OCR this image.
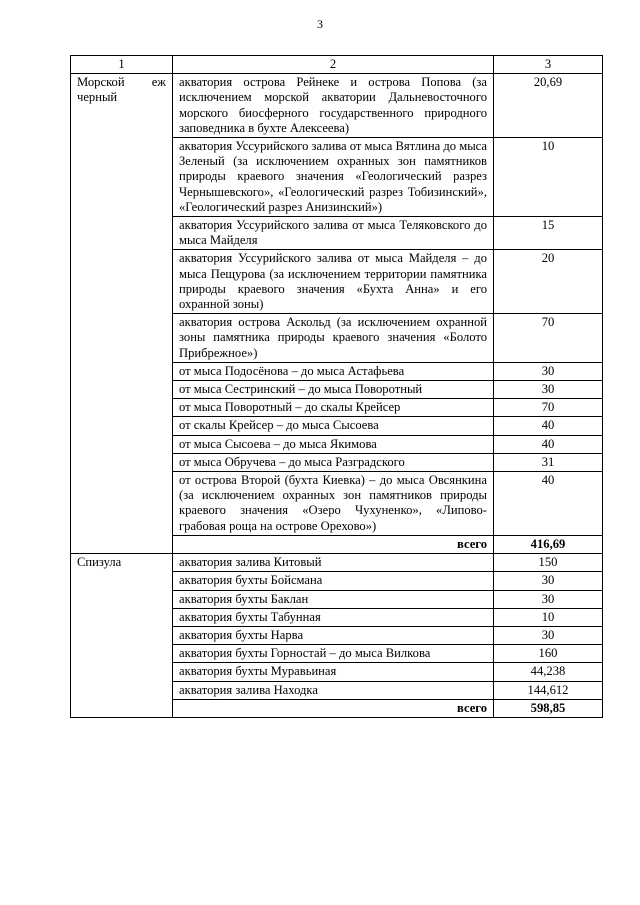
3
1	2	3

Морской еж
черный	акватория острова Рейнеке и острова Попова (за исключением морской акватории Дальневосточного морского биосферного государственного природного заповедника в бухте Алексеева)	20,69
	акватория Уссурийского залива от мыса Вятлина до мыса Зеленый (за исключением охранных зон памятников природы краевого значения «Геологический разрез Чернышевского», «Геологический разрез Тобизинский», «Геологический разрез Анизинский»)	10
	акватория Уссурийского залива от мыса Теляковского до мыса Майделя	15
	акватория Уссурийского залива от мыса Майделя – до мыса Пещурова (за исключением территории памятника природы краевого значения «Бухта Анна» и его охранной зоны)	20
	акватория острова Аскольд (за исключением охранной зоны памятника природы краевого значения «Болото Прибрежное»)	70
	от мыса Подосёнова – до мыса Астафьева	30
	от мыса Сестринский – до мыса Поворотный	30
	от мыса Поворотный – до скалы Крейсер	70
	от скалы Крейсер – до мыса Сысоева	40
	от мыса Сысоева – до мыса Якимова	40
	от мыса Обручева – до мыса Разградского	31
	от острова Второй (бухта Киевка) – до мыса Овсянкина (за исключением охранных зон памятников природы краевого значения «Озеро Чухуненко», «Липово-грабовая роща на острове Орехово»)	40
	всего	416,69

Спизула	акватория залива Китовый	150
	акватория бухты Бойсмана	30
	акватория бухты Баклан	30
	акватория бухты Табунная	10
	акватория бухты Нарва	30
	акватория бухты Горностай – до мыса Вилкова	160
	акватория бухты Муравьиная	44,238
	акватория залива Находка	144,612
	всего	598,85
